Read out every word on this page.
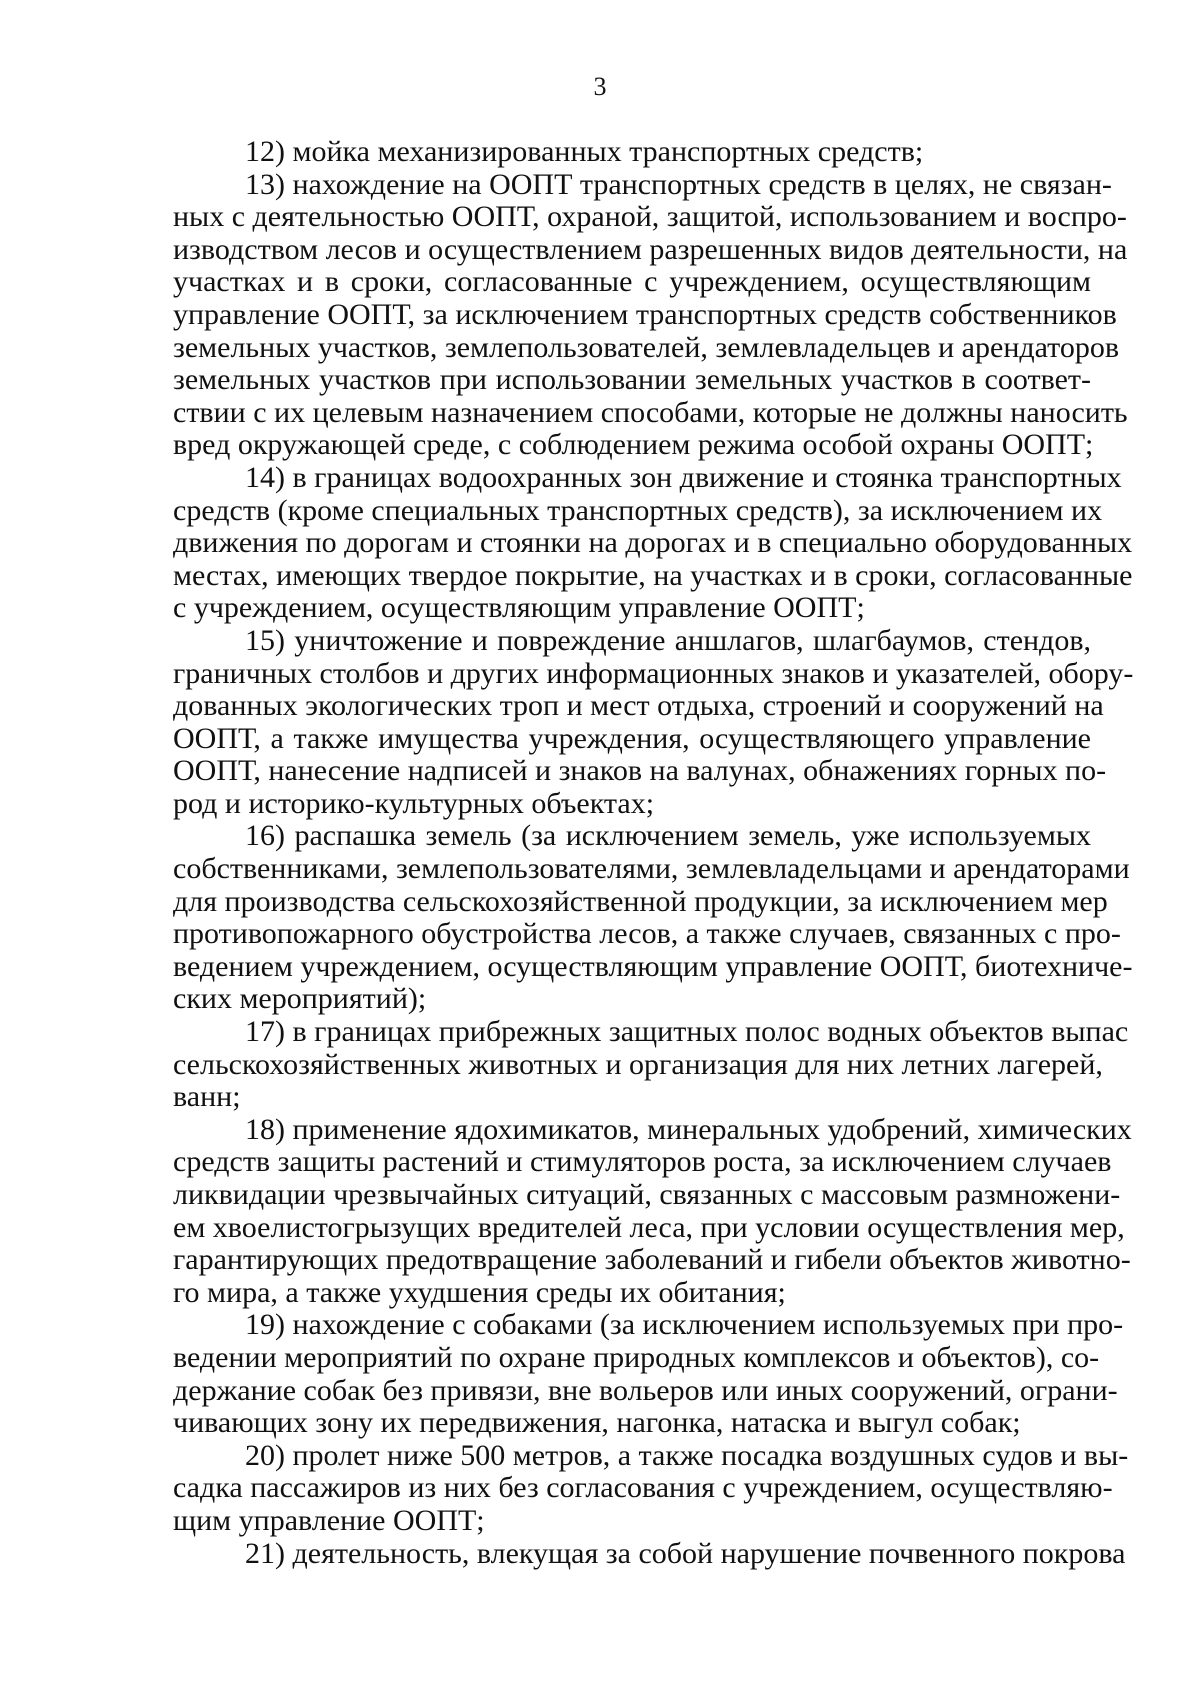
3
12) мойка механизированных транспортных средств;
13) нахождение на ООПТ транспортных средств в целях, не связан-
ных с деятельностью ООПТ, охраной, защитой, использованием и воспро-
изводством лесов и осуществлением разрешенных видов деятельности, на
участках и в сроки, согласованные с учреждением, осуществляющим
управление ООПТ, за исключением транспортных средств собственников
земельных участков, землепользователей, землевладельцев и арендаторов
земельных участков при использовании земельных участков в соответ-
ствии с их целевым назначением способами, которые не должны наносить
вред окружающей среде, с соблюдением режима особой охраны ООПТ;
14) в границах водоохранных зон движение и стоянка транспортных
средств (кроме специальных транспортных средств), за исключением их
движения по дорогам и стоянки на дорогах и в специально оборудованных
местах, имеющих твердое покрытие, на участках и в сроки, согласованные
с учреждением, осуществляющим управление ООПТ;
15) уничтожение и повреждение аншлагов, шлагбаумов, стендов,
граничных столбов и других информационных знаков и указателей, обору-
дованных экологических троп и мест отдыха, строений и сооружений на
ООПТ, а также имущества учреждения, осуществляющего управление
ООПТ, нанесение надписей и знаков на валунах, обнажениях горных по-
род и историко-культурных объектах;
16) распашка земель (за исключением земель, уже используемых
собственниками, землепользователями, землевладельцами и арендаторами
для производства сельскохозяйственной продукции, за исключением мер
противопожарного обустройства лесов, а также случаев, связанных с про-
ведением учреждением, осуществляющим управление ООПТ, биотехниче-
ских мероприятий);
17) в границах прибрежных защитных полос водных объектов выпас
сельскохозяйственных животных и организация для них летних лагерей,
ванн;
18) применение ядохимикатов, минеральных удобрений, химических
средств защиты растений и стимуляторов роста, за исключением случаев
ликвидации чрезвычайных ситуаций, связанных с массовым размножени-
ем хвоелистогрызущих вредителей леса, при условии осуществления мер,
гарантирующих предотвращение заболеваний и гибели объектов животно-
го мира, а также ухудшения среды их обитания;
19) нахождение с собаками (за исключением используемых при про-
ведении мероприятий по охране природных комплексов и объектов), со-
держание собак без привязи, вне вольеров или иных сооружений, ограни-
чивающих зону их передвижения, нагонка, натаска и выгул собак;
20) пролет ниже 500 метров, а также посадка воздушных судов и вы-
садка пассажиров из них без согласования с учреждением, осуществляю-
щим управление ООПТ;
21) деятельность, влекущая за собой нарушение почвенного покрова
